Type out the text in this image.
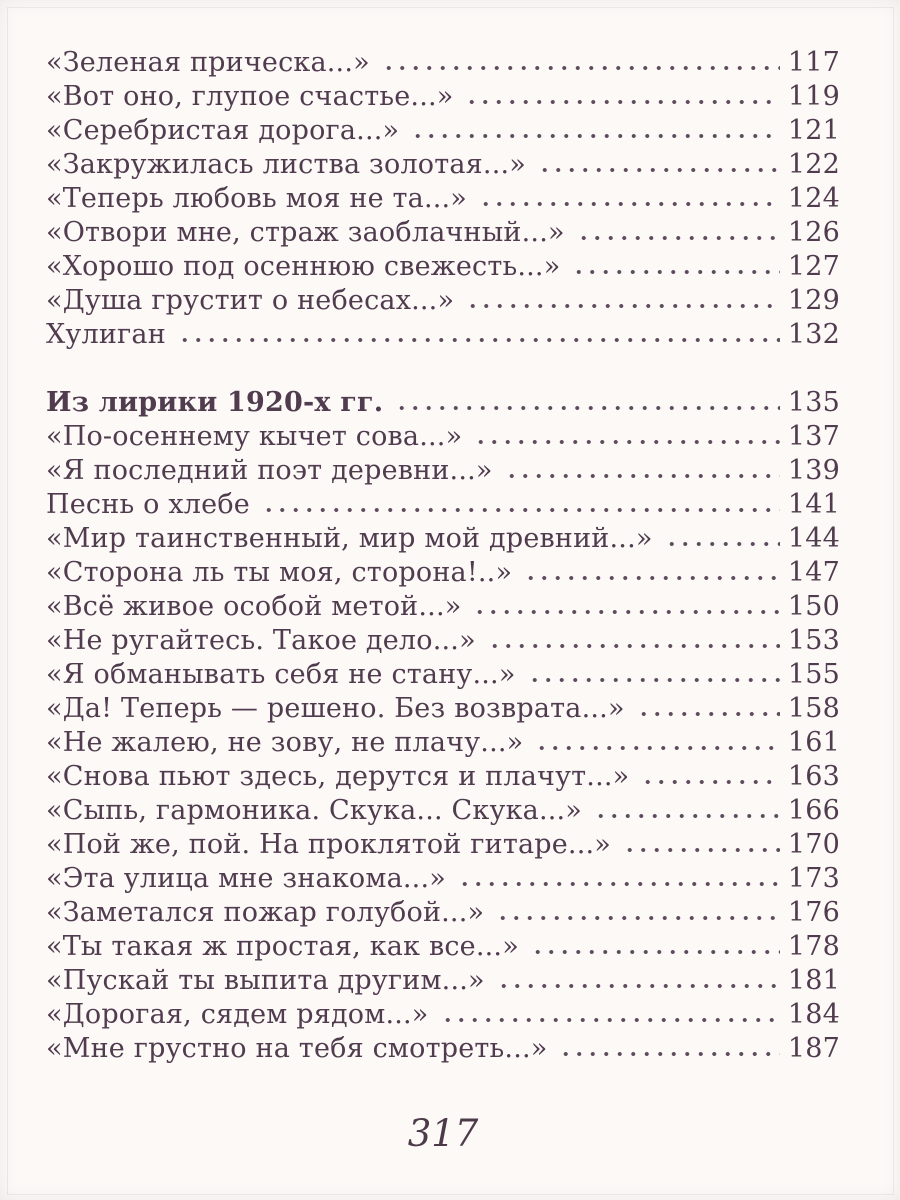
«Зеленая прическа...»	117
«Вот оно, глупое счастье...»	119
«Серебристая дорога...»	121
«Закружилась листва золотая...»	122
«Теперь любовь моя не та...»	124
«Отвори мне, страж заоблачный...»	126
«Хорошо под осеннюю свежесть...»	127
«Душа грустит о небесах...»	129
Хулиган	132
Из лирики 1920-х гг.	135
«По-осеннему кычет сова...»	137
«Я последний поэт деревни...»	139
Песнь о хлебе	141
«Мир таинственный, мир мой древний...»	144
«Сторона ль ты моя, сторона!..»	147
«Всё живое особой метой...»	150
«Не ругайтесь. Такое дело...»	153
«Я обманывать себя не стану...»	155
«Да! Теперь — решено. Без возврата...»	158
«Не жалею, не зову, не плачу...»	161
«Снова пьют здесь, дерутся и плачут...»	163
«Сыпь, гармоника. Скука... Скука...»	166
«Пой же, пой. На проклятой гитаре...»	170
«Эта улица мне знакома...»	173
«Заметался пожар голубой...»	176
«Ты такая ж простая, как все...»	178
«Пускай ты выпита другим...»	181
«Дорогая, сядем рядом...»	184
«Мне грустно на тебя смотреть...»	187
317
